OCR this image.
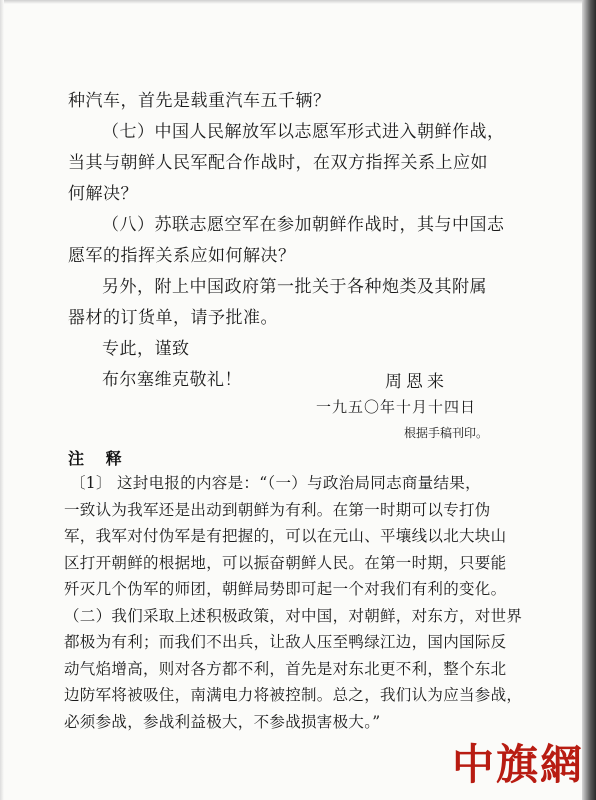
种汽车，首先是载重汽车五千辆？
（七）中国人民解放军以志愿军形式进入朝鲜作战，
当其与朝鲜人民军配合作战时，在双方指挥关系上应如
何解决？
（八）苏联志愿空军在参加朝鲜作战时，其与中国志
愿军的指挥关系应如何解决？
另外，附上中国政府第一批关于各种炮类及其附属
器材的订货单，请予批准。
专此，谨致
布尔塞维克敬礼！	周恩来
一九五〇年十月十四日
根据手稿刊印。
注 释
〔1〕 这封电报的内容是：“（一）与政治局同志商量结果，
一致认为我军还是出动到朝鲜为有利。在第一时期可以专打伪
军，我军对付伪军是有把握的，可以在元山、平壤线以北大块山
区打开朝鲜的根据地，可以振奋朝鲜人民。在第一时期，只要能
歼灭几个伪军的师团，朝鲜局势即可起一个对我们有利的变化。
（二）我们采取上述积极政策，对中国，对朝鲜，对东方，对世界
都极为有利；而我们不出兵，让敌人压至鸭绿江边，国内国际反
动气焰增高，则对各方都不利，首先是对东北更不利，整个东北
边防军将被吸住，南满电力将被控制。总之，我们认为应当参战，
必须参战，参战利益极大，不参战损害极大。”
中旗網
